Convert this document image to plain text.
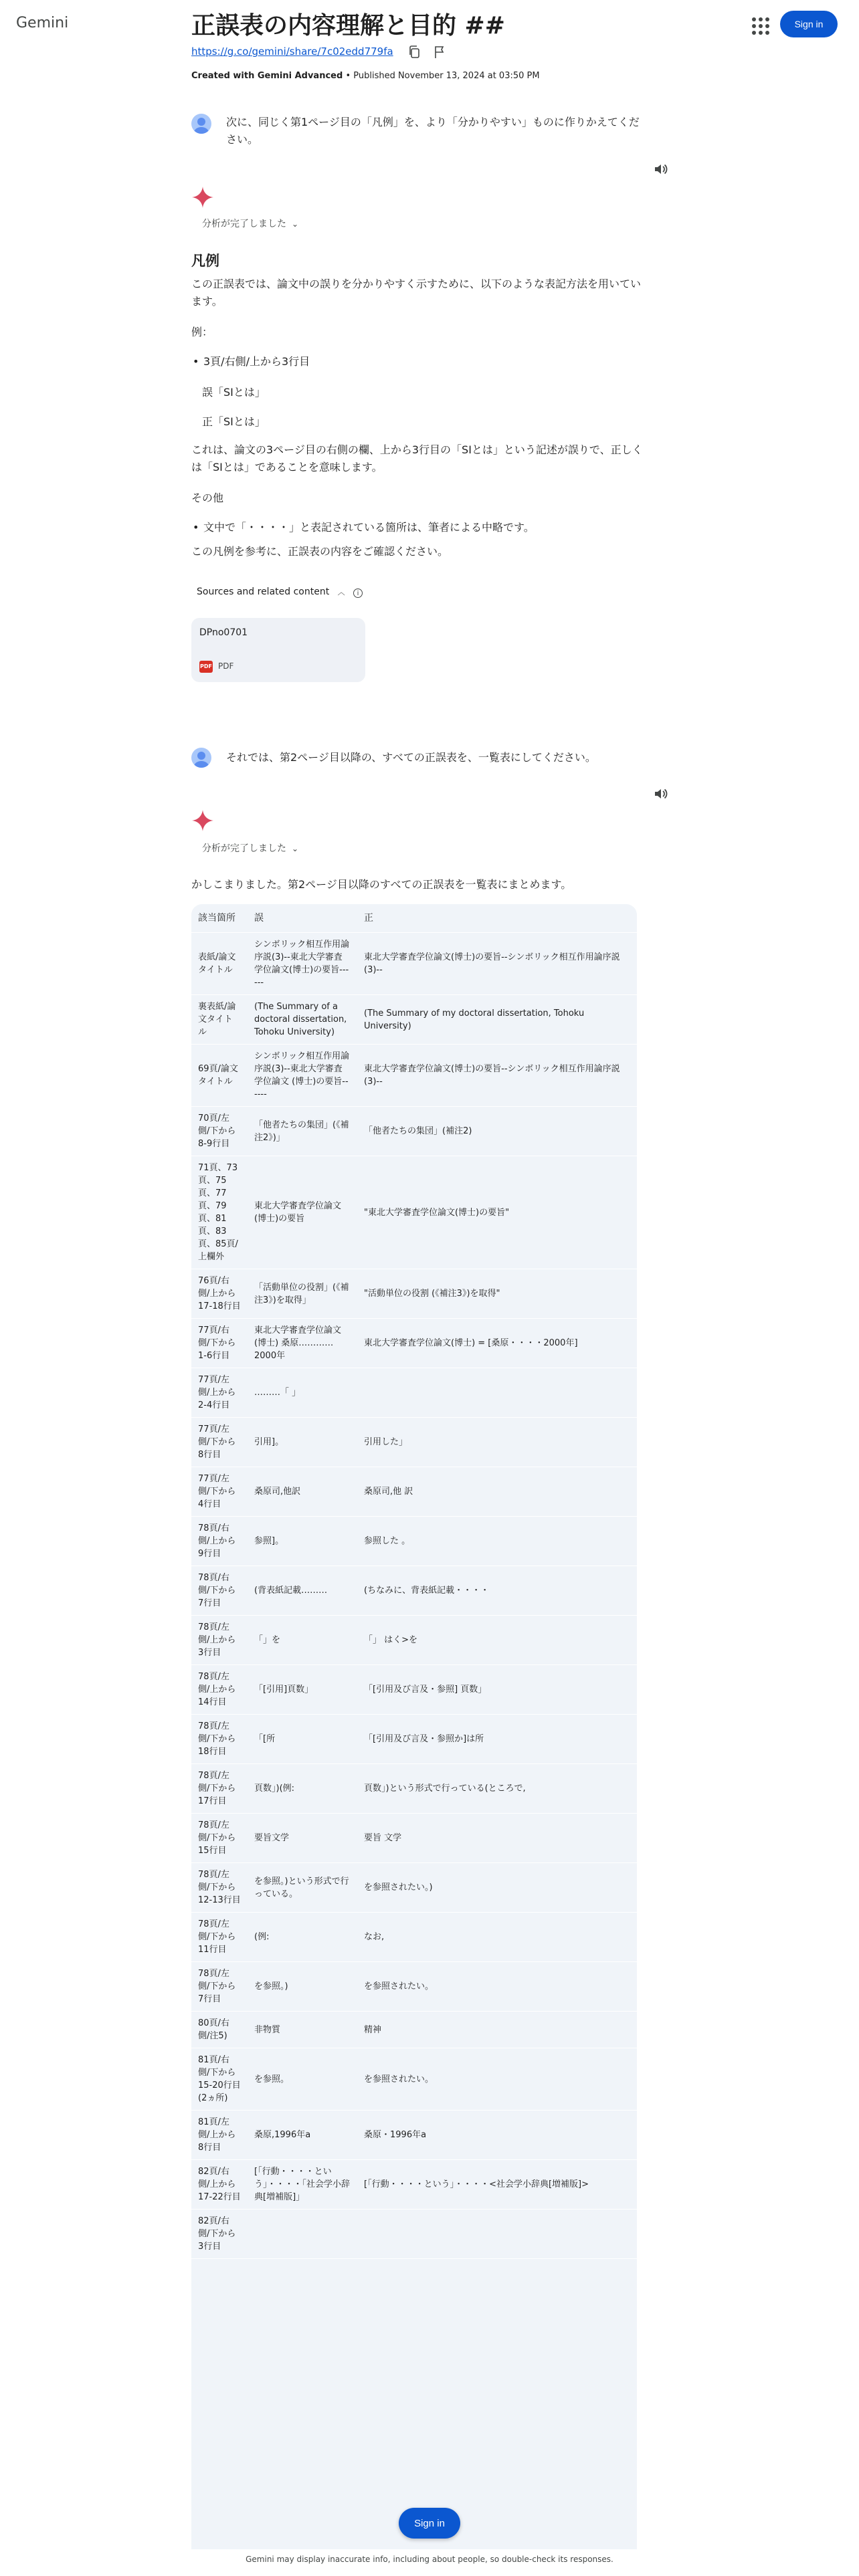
Gemini	Sign in
正誤表の内容理解と目的 ##
https://g.co/gemini/share/7c02edd779fa
Created with Gemini Advanced • Published November 13, 2024 at 03:50 PM
次に、同じく第1ページ目の「凡例」を、より「分かりやすい」ものに作りかえてください。
分析が完了しました ⌄
凡例
この正誤表では、論文中の誤りを分かりやすく示すために、以下のような表記方法を用いています。
例：
• 3頁/右側/上から3行目
誤「SIとは」
正「SIとは」
これは、論文の3ページ目の右側の欄、上から3行目の「SIとは」という記述が誤りで、正しくは「SIとは」であることを意味します。
その他
• 文中で「・・・・」と表記されている箇所は、筆者による中略です。
この凡例を参考に、正誤表の内容をご確認ください。
Sources and related content ︿	i
DPno0701
PDF PDF
それでは、第2ページ目以降の、すべての正誤表を、一覧表にしてください。
分析が完了しました ⌄
かしこまりました。第2ページ目以降のすべての正誤表を一覧表にまとめます。
該当箇所	誤	正
表紙/論文タイトル	シンボリック相互作用論序説(3)--東北大学審査学位論文(博士)の要旨------	東北大学審査学位論文(博士)の要旨--シンボリック相互作用論序説(3)--
裏表紙/論文タイトル	(The Summary of a doctoral dissertation, Tohoku University)	(The Summary of my doctoral dissertation, Tohoku University)
69頁/論文タイトル	シンボリック相互作用論序説(3)--東北大学審査学位論文 (博士)の要旨------	東北大学審査学位論文(博士)の要旨--シンボリック相互作用論序説(3)--
70頁/左側/下から8-9行目	「他者たちの集団」(《補注2》)」	「他者たちの集団」(補注2)
71頁、73頁、75頁、77頁、79頁、81頁、83頁、85頁/上欄外	東北大学審査学位論文(博士)の要旨	"東北大学審査学位論文(博士)の要旨"
76頁/右側/上から17-18行目	「活動単位の役割」(《補注3》)を取得」	"活動単位の役割 (《補注3》)を取得"
77頁/右側/下から1-6行目	東北大学審査学位論文(博士) 桑原…………2000年	東北大学審査学位論文(博士) = [桑原・・・・2000年]
77頁/左側/上から2-4行目	………「 」	
77頁/左側/下から8行目	引用]。	引用した」
77頁/左側/下から4行目	桑原司,他訳	桑原司,他 訳
78頁/右側/上から9行目	参照]。	参照した 。
78頁/右側/下から7行目	(背表紙記載………	(ちなみに、背表紙記載・・・・
78頁/左側/上から3行目	「」を	「」 はく>を
78頁/左側/上から14行目	「[引用]頁数」	「[引用及び言及・参照] 頁数」
78頁/左側/下から18行目	「[所	「[引用及び言及・参照か]は所
78頁/左側/下から17行目	頁数」)(例:	頁数」)という形式で行っている(ところで,
78頁/左側/下から15行目	要旨文学	要旨 文学
78頁/左側/下から12-13行目	を参照。)という形式で行っている。	を参照されたい。)
78頁/左側/下から11行目	(例:	なお,
78頁/左側/下から7行目	を参照。)	を参照されたい。
80頁/右側/注5)	非物質	精神
81頁/右側/下から15-20行目 (2ヵ所)	を参照。	を参照されたい。
81頁/左側/上から8行目	桑原,1996年a	桑原・1996年a
82頁/右側/上から17-22行目	[「行動・・・・という」・・・・「社会学小辞典[増補版]」	[「行動・・・・という」・・・・<社会学小辞典[増補版]>
82頁/右側/下から3行目		
Sign in
Gemini may display inaccurate info, including about people, so double-check its responses.
